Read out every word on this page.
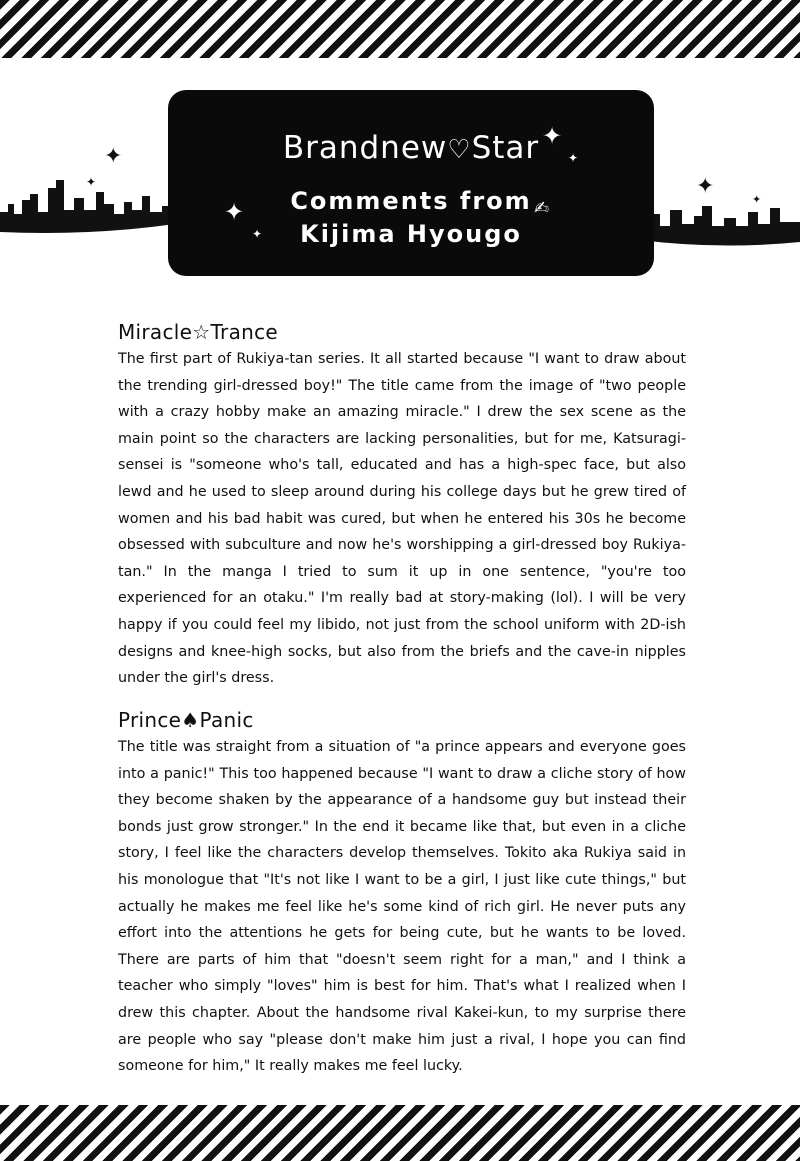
✦
✦	✦
✦
Brandnew♡Star
Comments from
Kijima Hyougo
✦
✦
✦
✦
✍
Miracle☆Trance

The first part of Rukiya-tan series. It all started because "I want to draw about the trending girl-dressed boy!" The title came from the image of "two people with a crazy hobby make an amazing miracle." I drew the sex scene as the main point so the characters are lacking personalities, but for me, Katsuragi-sensei is "someone who's tall, educated and has a high-spec face, but also lewd and he used to sleep around during his college days but he grew tired of women and his bad habit was cured, but when he entered his 30s he become obsessed with subculture and now he's worshipping a girl-dressed boy Rukiya-tan." In the manga I tried to sum it up in one sentence, "you're too experienced for an otaku." I'm really bad at story-making (lol). I will be very happy if you could feel my libido, not just from the school uniform with 2D-ish designs and knee-high socks, but also from the briefs and the cave-in nipples under the girl's dress.

Prince♠Panic

The title was straight from a situation of "a prince appears and everyone goes into a panic!" This too happened because "I want to draw a cliche story of how they become shaken by the appearance of a handsome guy but instead their bonds just grow stronger." In the end it became like that, but even in a cliche story, I feel like the characters develop themselves. Tokito aka Rukiya said in his monologue that "It's not like I want to be a girl, I just like cute things," but actually he makes me feel like he's some kind of rich girl. He never puts any effort into the attentions he gets for being cute, but he wants to be loved. There are parts of him that "doesn't seem right for a man," and I think a teacher who simply "loves" him is best for him. That's what I realized when I drew this chapter. About the handsome rival Kakei-kun, to my surprise there are people who say "please don't make him just a rival, I hope you can find someone for him," It really makes me feel lucky.
